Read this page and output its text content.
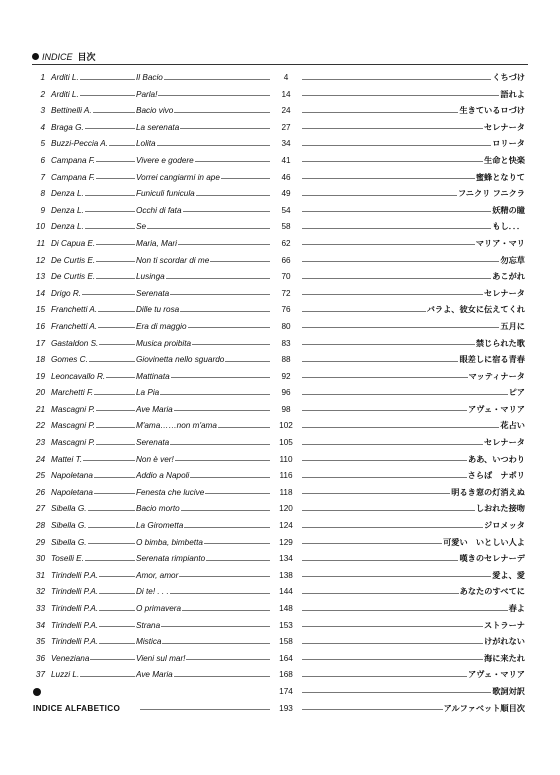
INDICE 目次
1 Arditi L.	Il Bacio	4	くちづけ
2 Arditi L.	Parla!	14	語れよ
3 Bettinelli A.	Bacio vivo	24	生きているロづけ
4 Braga G.	La serenata	27	セレナータ
5 Buzzi-Peccia A.	Lolita	34	ロリータ
6 Campana F.	Vivere e godere	41	生命と快楽
7 Campana F.	Vorrei cangiarmi in ape	46	蜜蜂となりて
8 Denza L.	Funiculi funicula	49	フニクリ フニクラ
9 Denza L.	Occhi di fata	54	妖精の瞳
10 Denza L.	Se	58	もし．．．
11 Di Capua E.	Maria, Mari	62	マリア・マリ
12 De Curtis E.	Non ti scordar di me	66	勿忘草
13 De Curtis E.	Lusinga	70	あこがれ
14 Drigo R.	Serenata	72	セレナータ
15 Franchetti A.	Dille tu rosa	76	バラよ、彼女に伝えてくれ
16 Franchetti A.	Era di maggio	80	五月に
17 Gastaldon S.	Musica proibita	83	禁じられた歌
18 Gomes C.	Giovinetta nello sguardo	88	眼差しに宿る青春
19 Leoncavallo R.	Mattinata	92	マッティナータ
20 Marchetti F.	La Pia	96	ピア
21 Mascagni P.	Ave Maria	98	アヴェ・マリア
22 Mascagni P.	M'ama……non m'ama	102	花占い
23 Mascagni P.	Serenata	105	セレナータ
24 Mattei T.	Non è ver!	110	ああ、いつわり
25 Napoletana	Addio a Napoli	116	さらば　ナポリ
26 Napoletana	Fenesta che lucive	118	明るき窓の灯消えぬ
27 Sibella G.	Bacio morto	120	しおれた接吻
28 Sibella G.	La Girometta	124	ジロメッタ
29 Sibella G.	O bimba, bimbetta	129	可愛い　いとしい人よ
30 Toselli E.	Serenata rimpianto	134	嘆きのセレナーデ
31 Tirindelli P.A.	Amor, amor	138	愛よ、愛
32 Tirindelli P.A.	Di te! . . .	144	あなたのすべてに
33 Tirindelli P.A.	O primavera	148	春よ
34 Tirindelli P.A.	Strana	153	ストラーナ
35 Tirindelli P.A.	Mistica	158	けがれない
36 Veneziana	Vieni sul mar!	164	海に来たれ
37 Luzzi L.	Ave Maria	168	アヴェ・マリア
174	歌詞対訳
INDICE ALFABETICO	193	アルファベット順目次
